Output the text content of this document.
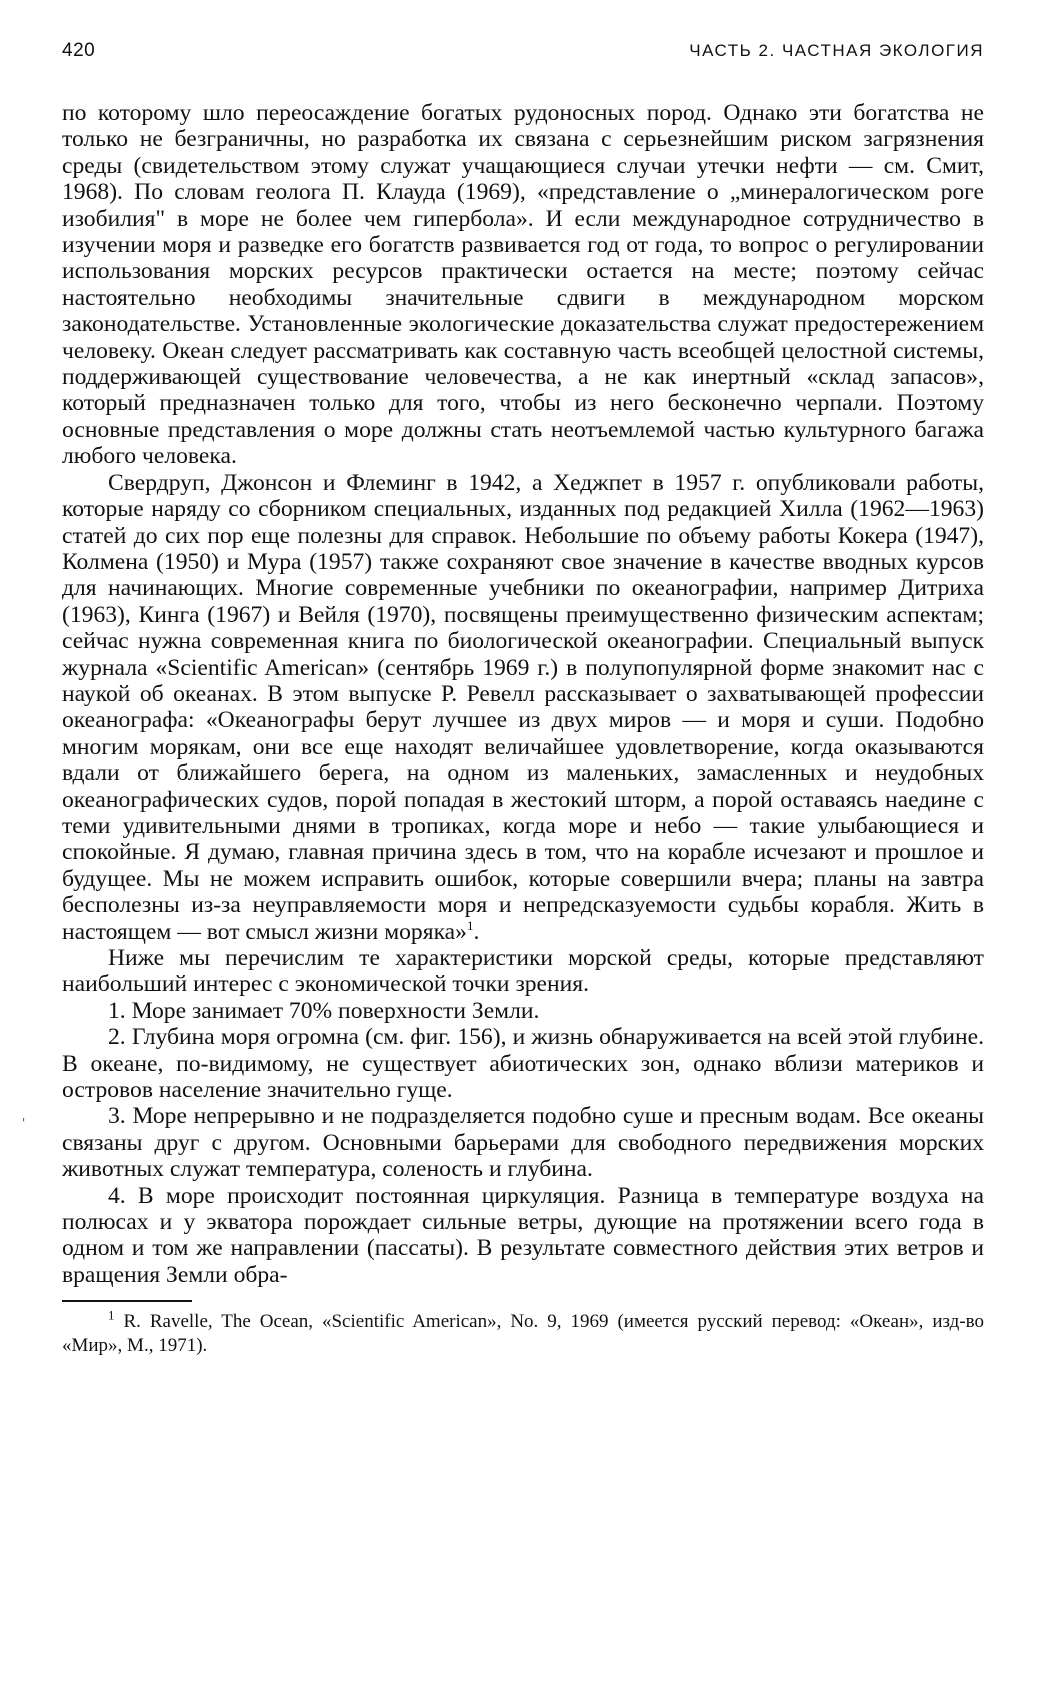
420	ЧАСТЬ 2. ЧАСТНАЯ ЭКОЛОГИЯ

по которому шло переосаждение богатых рудоносных пород. Однако эти богатства не только не безграничны, но разработка их связана с серьезнейшим риском загрязнения среды (свидетельством этому служат учащающиеся случаи утечки нефти — см. Смит, 1968). По словам геолога П. Клауда (1969), «представление о „минералогическом роге изобилия" в море не более чем гипербола». И если международное сотрудничество в изучении моря и разведке его богатств развивается год от года, то вопрос о регулировании использования морских ресурсов практически остается на месте; поэтому сейчас настоятельно необходимы значительные сдвиги в международном морском законодательстве. Установленные экологические доказательства служат предостережением человеку. Океан следует рассматривать как составную часть всеобщей целостной системы, поддерживающей существование человечества, а не как инертный «склад запасов», который предназначен только для того, чтобы из него бесконечно черпали. Поэтому основные представления о море должны стать неотъемлемой частью культурного багажа любого человека.

Свердруп, Джонсон и Флеминг в 1942, а Хеджпет в 1957 г. опубликовали работы, которые наряду со сборником специальных, изданных под редакцией Хилла (1962—1963) статей до сих пор еще полезны для справок. Небольшие по объему работы Кокера (1947), Колмена (1950) и Мура (1957) также сохраняют свое значение в качестве вводных курсов для начинающих. Многие современные учебники по океанографии, например Дитриха (1963), Кинга (1967) и Вейля (1970), посвящены преимущественно физическим аспектам; сейчас нужна современная книга по биологической океанографии. Специальный выпуск журнала «Scientific American» (сентябрь 1969 г.) в полупопулярной форме знакомит нас с наукой об океанах. В этом выпуске Р. Ревелл рассказывает о захватывающей профессии океанографа: «Океанографы берут лучшее из двух миров — и моря и суши. Подобно многим морякам, они все еще находят величайшее удовлетворение, когда оказываются вдали от ближайшего берега, на одном из маленьких, замасленных и неудобных океанографических судов, порой попадая в жестокий шторм, а порой оставаясь наедине с теми удивительными днями в тропиках, когда море и небо — такие улыбающиеся и спокойные. Я думаю, главная причина здесь в том, что на корабле исчезают и прошлое и будущее. Мы не можем исправить ошибок, которые совершили вчера; планы на завтра бесполезны из-за неуправляемости моря и непредсказуемости судьбы корабля. Жить в настоящем — вот смысл жизни моряка»$^1$.

Ниже мы перечислим те характеристики морской среды, которые представляют наибольший интерес с экономической точки зрения.

1. Море занимает 70% поверхности Земли.

2. Глубина моря огромна (см. фиг. 156), и жизнь обнаруживается на всей этой глубине. В океане, по-видимому, не существует абиотических зон, однако вблизи материков и островов население значительно гуще.

3. Море непрерывно и не подразделяется подобно суше и пресным водам. Все океаны связаны друг с другом. Основными барьерами для свободного передвижения морских животных служат температура, соленость и глубина.

4. В море происходит постоянная циркуляция. Разница в температуре воздуха на полюсах и у экватора порождает сильные ветры, дующие на протяжении всего года в одном и том же направлении (пассаты). В результате совместного действия этих ветров и вращения Земли обра-

$^1$ R. Ravelle, The Ocean, «Scientific American», No. 9, 1969 (имеется русский перевод: «Океан», изд-во «Мир», М., 1971).
'
